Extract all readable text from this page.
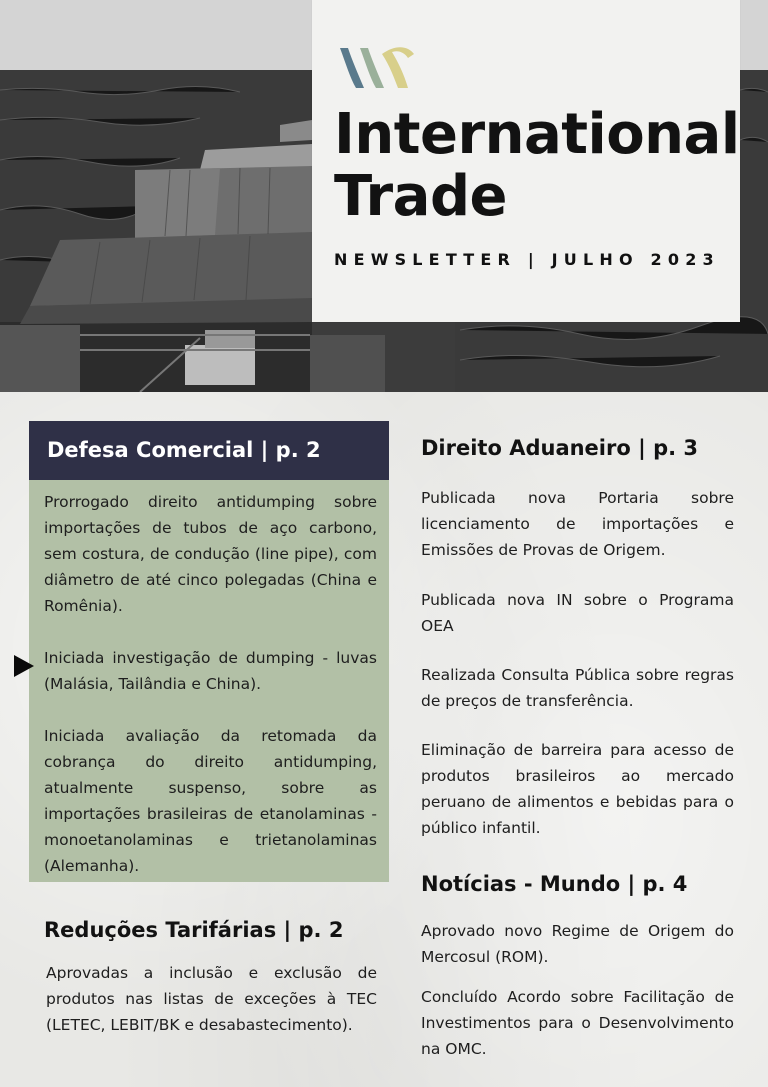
International
Trade

NEWSLETTER | JULHO 2023

Defesa Comercial | p. 2

Prorrogado direito antidumping sobre importações de tubos de aço carbono, sem costura, de condução (line pipe), com diâmetro de até cinco polegadas (China e Romênia).

Iniciada investigação de dumping - luvas (Malásia, Tailândia e China).

Iniciada avaliação da retomada da cobrança do direito antidumping, atualmente suspenso, sobre as importações brasileiras de etanolaminas - monoetanolaminas e trietanolaminas (Alemanha).

Reduções Tarifárias | p. 2

Aprovadas a inclusão e exclusão de produtos nas listas de exceções à TEC (LETEC, LEBIT/BK e desabastecimento).

Direito Aduaneiro | p. 3

Publicada nova Portaria sobre licenciamento de importações e Emissões de Provas de Origem.

Publicada nova IN sobre o Programa OEA

Realizada Consulta Pública sobre regras de preços de transferência.

Eliminação de barreira para acesso de produtos brasileiros ao mercado peruano de alimentos e bebidas para o público infantil.

Notícias - Mundo | p. 4

Aprovado novo Regime de Origem do Mercosul (ROM).

Concluído Acordo sobre Facilitação de Investimentos para o Desenvolvimento na OMC.
